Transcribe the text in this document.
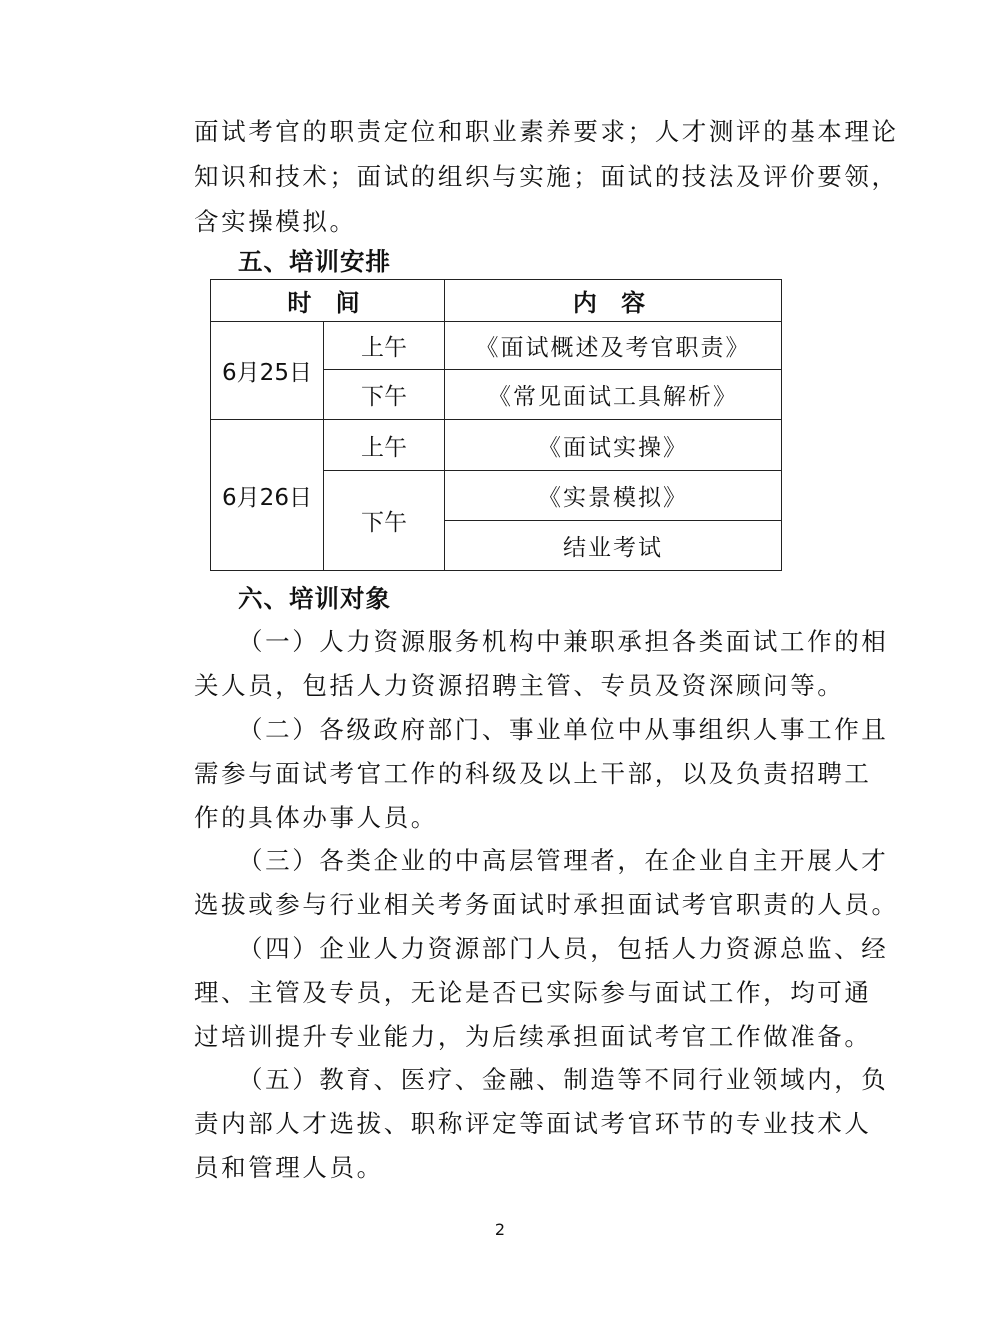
面试考官的职责定位和职业素养要求；人才测评的基本理论
知识和技术；面试的组织与实施；面试的技法及评价要领，
含实操模拟。
五、培训安排
时 间		内 容
6月25日	上午	《面试概述及考官职责》
	下午	《常见面试工具解析》
6月26日	上午	《面试实操》
	下午	《实景模拟》
		结业考试
六、培训对象
（一）人力资源服务机构中兼职承担各类面试工作的相
关人员，包括人力资源招聘主管、专员及资深顾问等。
（二）各级政府部门、事业单位中从事组织人事工作且
需参与面试考官工作的科级及以上干部，以及负责招聘工
作的具体办事人员。
（三）各类企业的中高层管理者，在企业自主开展人才
选拔或参与行业相关考务面试时承担面试考官职责的人员。
（四）企业人力资源部门人员，包括人力资源总监、经
理、主管及专员，无论是否已实际参与面试工作，均可通
过培训提升专业能力，为后续承担面试考官工作做准备。
（五）教育、医疗、金融、制造等不同行业领域内，负
责内部人才选拔、职称评定等面试考官环节的专业技术人
员和管理人员。
2
